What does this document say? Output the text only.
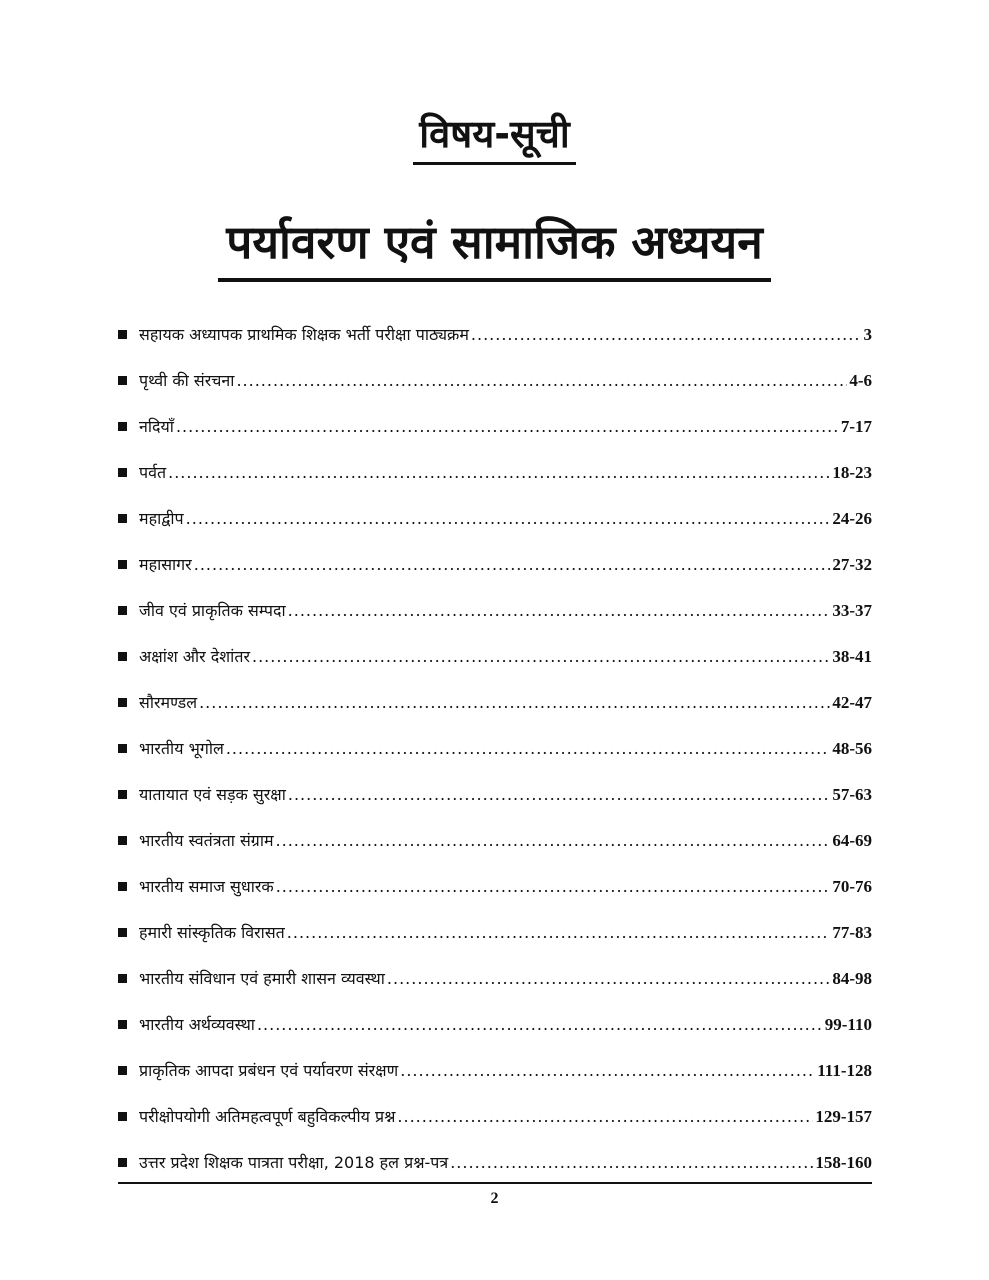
विषय-सूची
पर्यावरण एवं सामाजिक अध्ययन
सहायक अध्यापक प्राथमिक शिक्षक भर्ती परीक्षा पाठ्यक्रम .....	3
पृथ्वी की संरचना .....	4-6
नदियाँ .....	7-17
पर्वत .....	18-23
महाद्वीप .....	24-26
महासागर .....	27-32
जीव एवं प्राकृतिक सम्पदा .....	33-37
अक्षांश और देशांतर .....	38-41
सौरमण्डल .....	42-47
भारतीय भूगोल .....	48-56
यातायात एवं सड़क सुरक्षा .....	57-63
भारतीय स्वतंत्रता संग्राम .....	64-69
भारतीय समाज सुधारक .....	70-76
हमारी सांस्कृतिक विरासत .....	77-83
भारतीय संविधान एवं हमारी शासन व्यवस्था .....	84-98
भारतीय अर्थव्यवस्था .....	99-110
प्राकृतिक आपदा प्रबंधन एवं पर्यावरण संरक्षण .....	111-128
परीक्षोपयोगी अतिमहत्वपूर्ण बहुविकल्पीय प्रश्न .....	129-157
उत्तर प्रदेश शिक्षक पात्रता परीक्षा, 2018 हल प्रश्न-पत्र .....	158-160
2
